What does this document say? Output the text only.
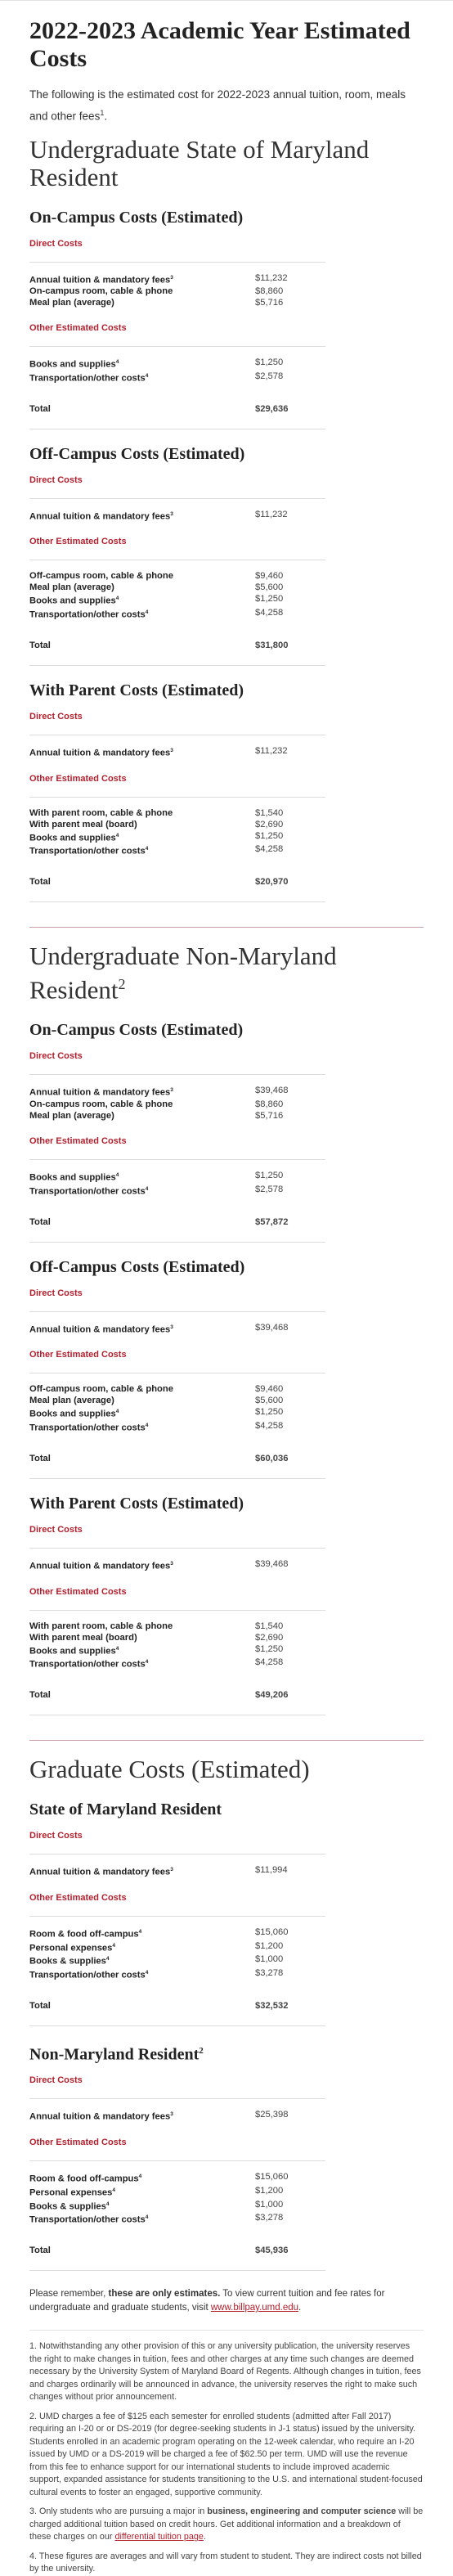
2022-2023 Academic Year Estimated Costs

The following is the estimated cost for 2022-2023 annual tuition, room, meals and other fees$^1$.

Undergraduate State of Maryland Resident
On-Campus Costs (Estimated)
Direct Costs	
Annual tuition & mandatory fees$^3$	$11,232
On-campus room, cable & phone	$8,860
Meal plan (average)	$5,716

Other Estimated Costs	
Books and supplies$^4$	$1,250
Transportation/other costs$^4$	$2,578
Total	$29,636
Off-Campus Costs (Estimated)
Direct Costs	
Annual tuition & mandatory fees$^3$	$11,232

Other Estimated Costs	
Off-campus room, cable & phone	$9,460
Meal plan (average)	$5,600
Books and supplies$^4$	$1,250
Transportation/other costs$^4$	$4,258
Total	$31,800
With Parent Costs (Estimated)
Direct Costs	
Annual tuition & mandatory fees$^3$	$11,232

Other Estimated Costs	
With parent room, cable & phone	$1,540
With parent meal (board)	$2,690
Books and supplies$^4$	$1,250
Transportation/other costs$^4$	$4,258
Total	$20,970
Undergraduate Non-Maryland Resident$^2$
On-Campus Costs (Estimated)
Direct Costs	
Annual tuition & mandatory fees$^3$	$39,468
On-campus room, cable & phone	$8,860
Meal plan (average)	$5,716

Other Estimated Costs	
Books and supplies$^4$	$1,250
Transportation/other costs$^4$	$2,578
Total	$57,872
Off-Campus Costs (Estimated)
Direct Costs	
Annual tuition & mandatory fees$^3$	$39,468

Other Estimated Costs	
Off-campus room, cable & phone	$9,460
Meal plan (average)	$5,600
Books and supplies$^4$	$1,250
Transportation/other costs$^4$	$4,258
Total	$60,036
With Parent Costs (Estimated)
Direct Costs	
Annual tuition & mandatory fees$^3$	$39,468

Other Estimated Costs	
With parent room, cable & phone	$1,540
With parent meal (board)	$2,690
Books and supplies$^4$	$1,250
Transportation/other costs$^4$	$4,258
Total	$49,206
Graduate Costs (Estimated)
State of Maryland Resident
Direct Costs	
Annual tuition & mandatory fees$^3$	$11,994

Other Estimated Costs	
Room & food off-campus$^4$	$15,060
Personal expenses$^4$	$1,200
Books & supplies$^4$	$1,000
Transportation/other costs$^4$	$3,278
Total	$32,532
Non-Maryland Resident$^2$
Direct Costs	
Annual tuition & mandatory fees$^3$	$25,398

Other Estimated Costs	
Room & food off-campus$^4$	$15,060
Personal expenses$^4$	$1,200
Books & supplies$^4$	$1,000
Transportation/other costs$^4$	$3,278
Total	$45,936

Please remember, these are only estimates. To view current tuition and fee rates for undergraduate and graduate students, visit www.billpay.umd.edu.

1. Notwithstanding any other provision of this or any university publication, the university reserves the right to make changes in tuition, fees and other charges at any time such changes are deemed necessary by the University System of Maryland Board of Regents. Although changes in tuition, fees and charges ordinarily will be announced in advance, the university reserves the right to make such changes without prior announcement.

2. UMD charges a fee of $125 each semester for enrolled students (admitted after Fall 2017) requiring an I-20 or or DS-2019 (for degree-seeking students in J-1 status) issued by the university. Students enrolled in an academic program operating on the 12-week calendar, who require an I-20 issued by UMD or a DS-2019 will be charged a fee of $62.50 per term. UMD will use the revenue from this fee to enhance support for our international students to include improved academic support, expanded assistance for students transitioning to the U.S. and international student-focused cultural events to foster an engaged, supportive community.

3. Only students who are pursuing a major in business, engineering and computer science will be charged additional tuition based on credit hours. Get additional information and a breakdown of these charges on our differential tuition page.

4. These figures are averages and will vary from student to student. They are indirect costs not billed by the university.
